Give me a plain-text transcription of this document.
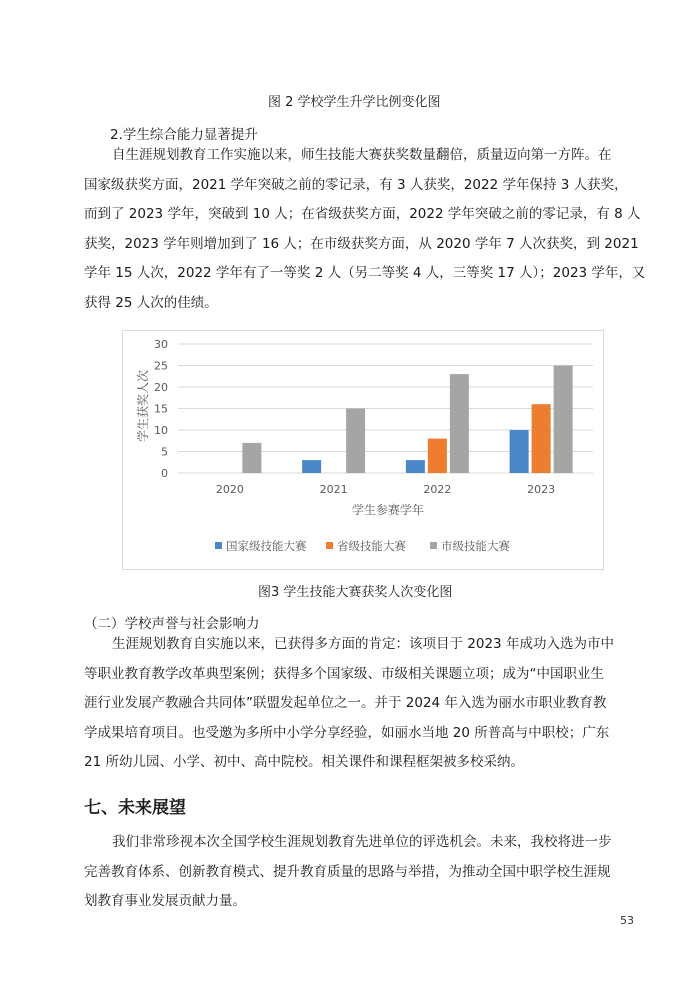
图 2 学校学生升学比例变化图
2.学生综合能力显著提升

自生涯规划教育工作实施以来，师生技能大赛获奖数量翻倍，质量迈向第一方阵。在

国家级获奖方面，2021 学年突破之前的零记录，有 3 人获奖，2022 学年保持 3 人获奖，

而到了 2023 学年，突破到 10 人；在省级获奖方面，2022 学年突破之前的零记录，有 8 人

获奖，2023 学年则增加到了 16 人；在市级获奖方面，从 2020 学年 7 人次获奖，到 2021

学年 15 人次，2022 学年有了一等奖 2 人（另二等奖 4 人，三等奖 17 人）；2023 学年，又

获得 25 人次的佳绩。

0
5
10
15
20
25
30
2020	2021	2022	2023
学生获奖人次
学生参赛学年
国家级技能大赛	省级技能大赛	市级技能大赛
图3 学生技能大赛获奖人次变化图
（二）学校声誉与社会影响力

生涯规划教育自实施以来，已获得多方面的肯定：该项目于 2023 年成功入选为市中

等职业教育教学改革典型案例；获得多个国家级、市级相关课题立项；成为“中国职业生

涯行业发展产教融合共同体”联盟发起单位之一。并于 2024 年入选为丽水市职业教育教

学成果培育项目。也受邀为多所中小学分享经验，如丽水当地 20 所普高与中职校；广东

21 所幼儿园、小学、初中、高中院校。相关课件和课程框架被多校采纳。

七、未来展望

我们非常珍视本次全国学校生涯规划教育先进单位的评选机会。未来，我校将进一步

完善教育体系、创新教育模式、提升教育质量的思路与举措，为推动全国中职学校生涯规

划教育事业发展贡献力量。

53
